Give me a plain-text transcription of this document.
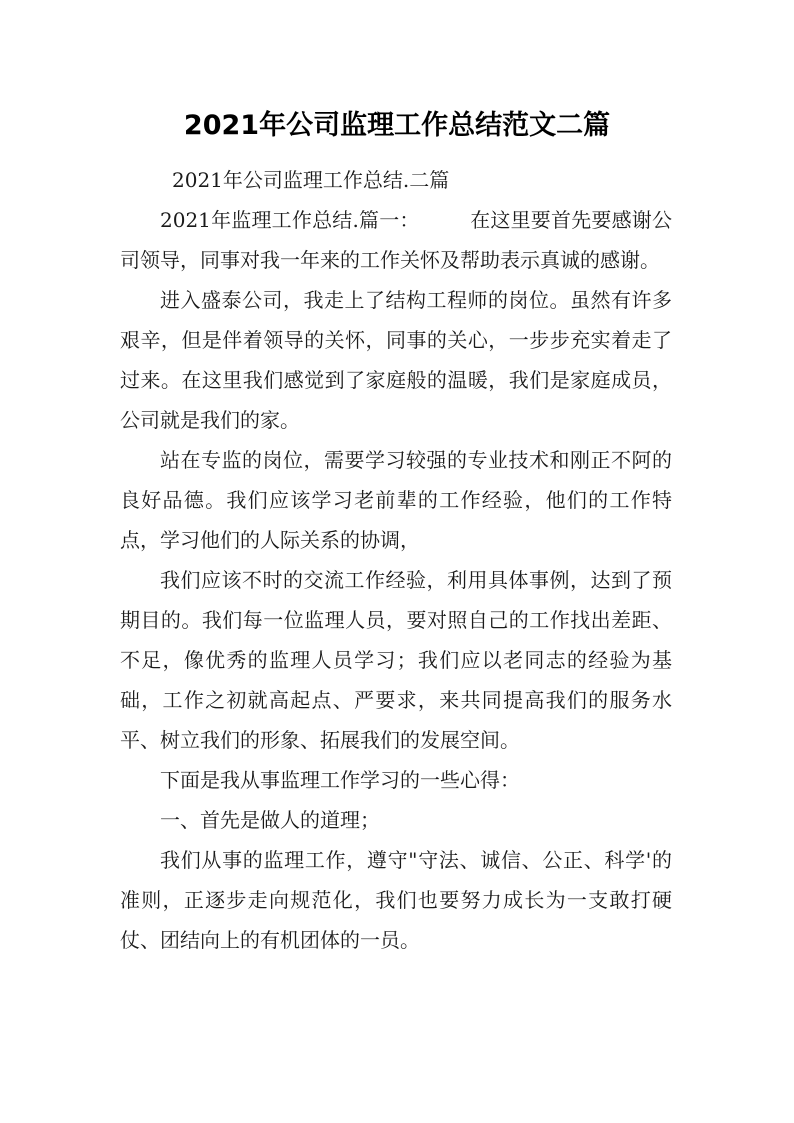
2021年公司监理工作总结范文二篇

2021年公司监理工作总结.二篇

2021年监理工作总结.篇一：　　　在这里要首先要感谢公司领导，同事对我一年来的工作关怀及帮助表示真诚的感谢。

进入盛泰公司，我走上了结构工程师的岗位。虽然有许多艰辛，但是伴着领导的关怀，同事的关心，一步步充实着走了过来。在这里我们感觉到了家庭般的温暖，我们是家庭成员，公司就是我们的家。

站在专监的岗位，需要学习较强的专业技术和刚正不阿的良好品德。我们应该学习老前辈的工作经验，他们的工作特点，学习他们的人际关系的协调，

我们应该不时的交流工作经验，利用具体事例，达到了预期目的。我们每一位监理人员，要对照自己的工作找出差距、不足，像优秀的监理人员学习；我们应以老同志的经验为基础，工作之初就高起点、严要求，来共同提高我们的服务水平、树立我们的形象、拓展我们的发展空间。

下面是我从事监理工作学习的一些心得：

一、首先是做人的道理；

我们从事的监理工作，遵守"守法、诚信、公正、科学'的准则，正逐步走向规范化，我们也要努力成长为一支敢打硬仗、团结向上的有机团体的一员。
